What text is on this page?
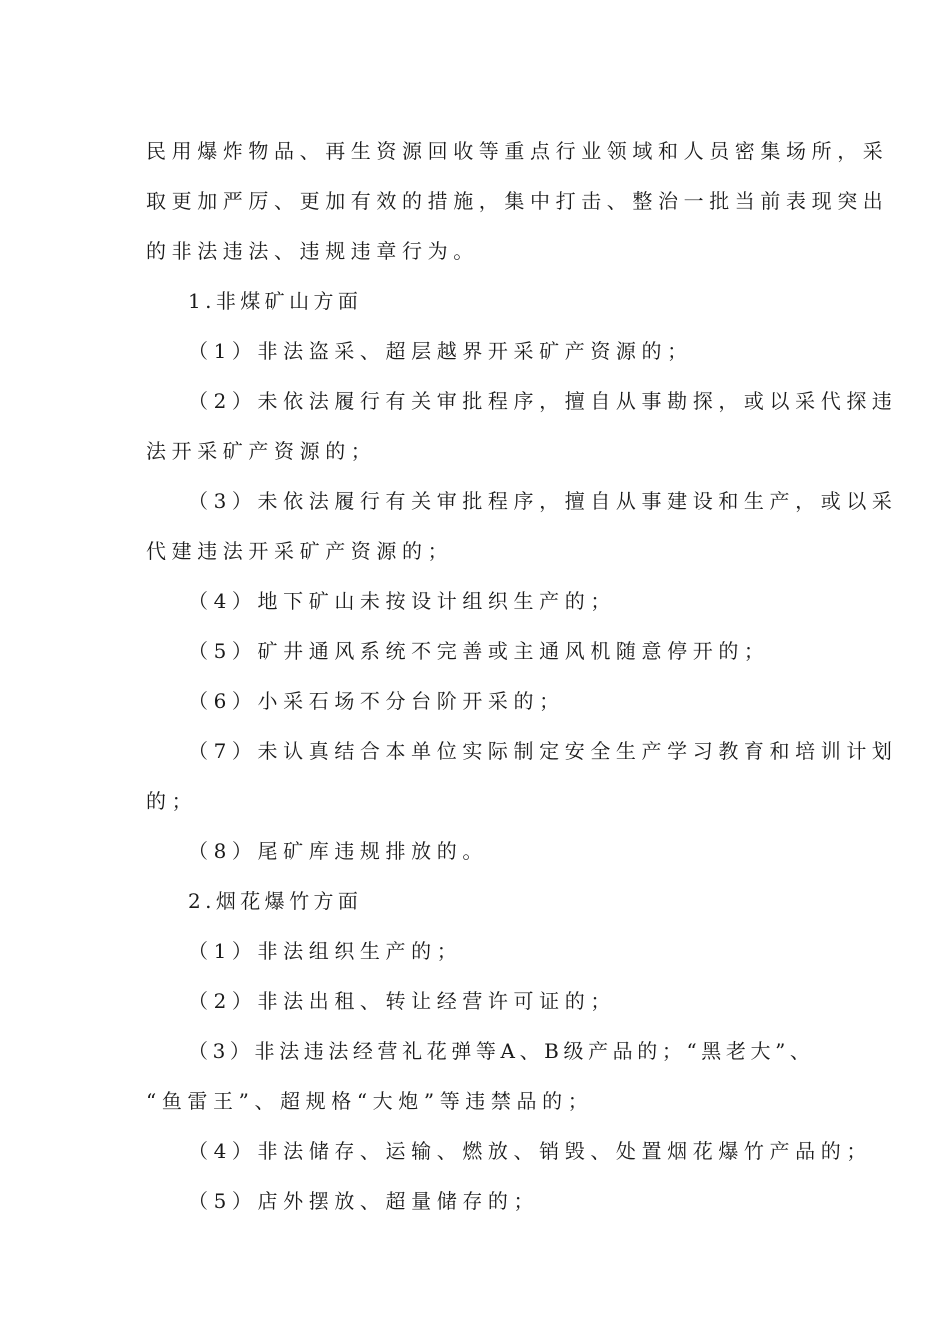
民用爆炸物品、再生资源回收等重点行业领域和人员密集场所，采
取更加严厉、更加有效的措施，集中打击、整治一批当前表现突出
的非法违法、违规违章行为。
1.非煤矿山方面
（1）非法盗采、超层越界开采矿产资源的；
（2）未依法履行有关审批程序，擅自从事勘探，或以采代探违
法开采矿产资源的；
（3）未依法履行有关审批程序，擅自从事建设和生产，或以采
代建违法开采矿产资源的；
（4）地下矿山未按设计组织生产的；
（5）矿井通风系统不完善或主通风机随意停开的；
（6）小采石场不分台阶开采的；
（7）未认真结合本单位实际制定安全生产学习教育和培训计划
的；
（8）尾矿库违规排放的。
2.烟花爆竹方面
（1）非法组织生产的；
（2）非法出租、转让经营许可证的；
（3）非法违法经营礼花弹等A、B级产品的；“黑老大”、
“鱼雷王”、超规格“大炮”等违禁品的；
（4）非法储存、运输、燃放、销毁、处置烟花爆竹产品的；
（5）店外摆放、超量储存的；
